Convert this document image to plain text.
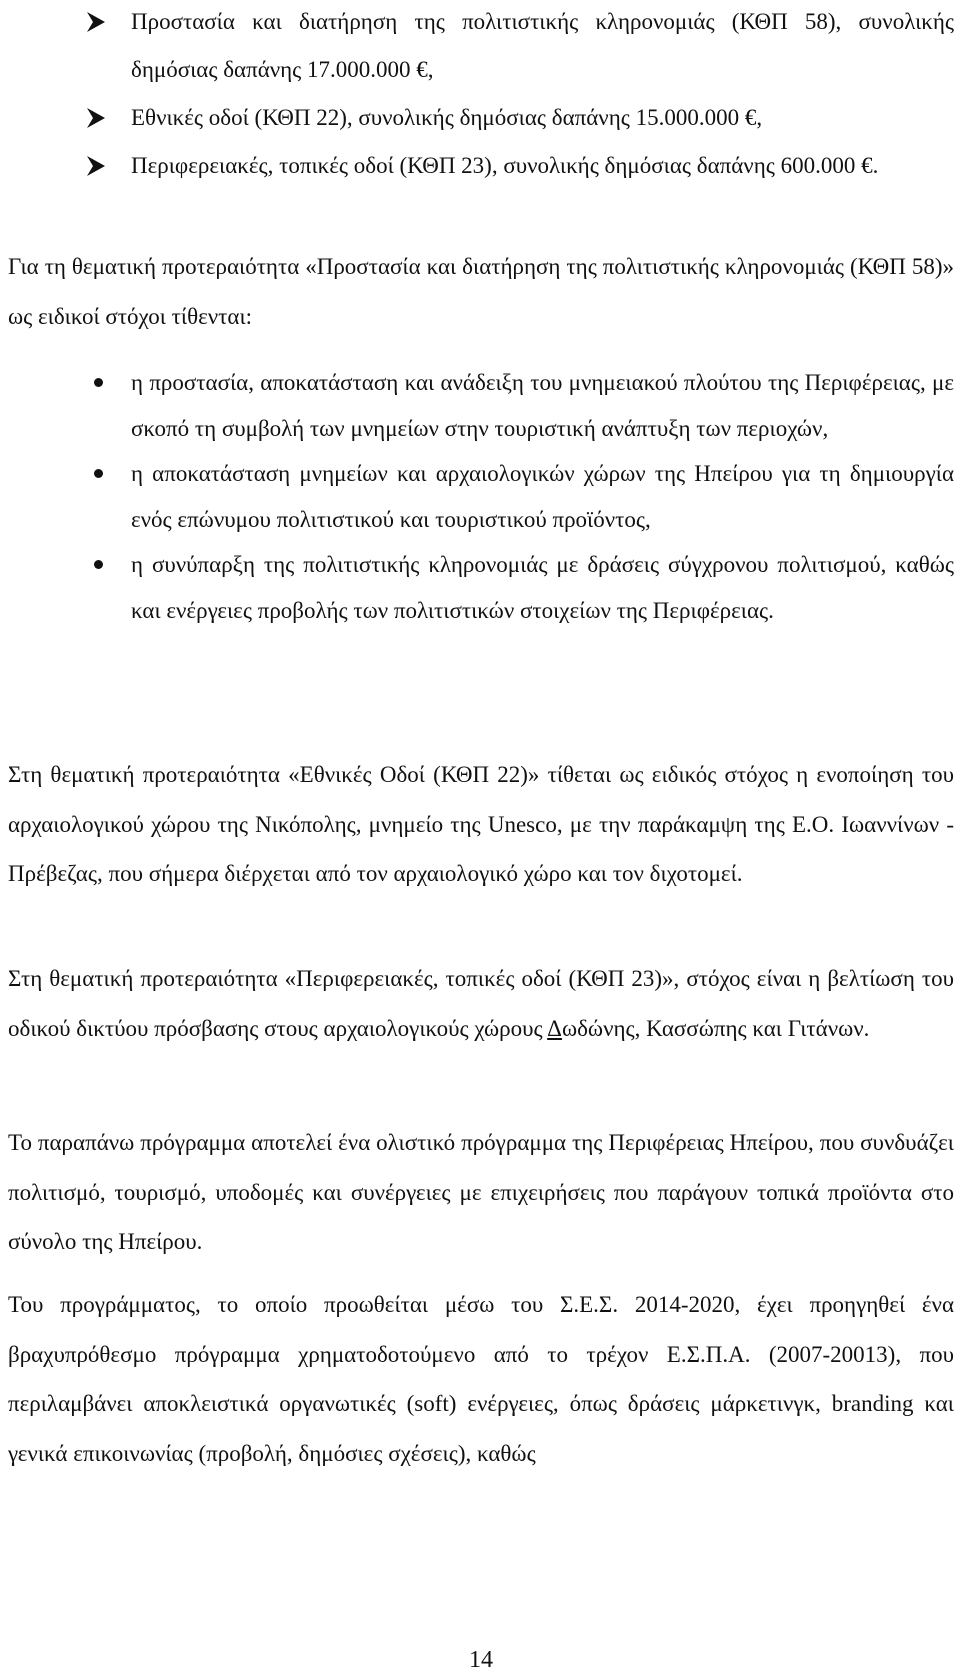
Προστασία και διατήρηση της πολιτιστικής κληρονομιάς (ΚΘΠ 58), συνολικής δημόσιας δαπάνης 17.000.000 €,
Εθνικές οδοί (ΚΘΠ 22), συνολικής δημόσιας δαπάνης 15.000.000 €,
Περιφερειακές, τοπικές οδοί (ΚΘΠ 23), συνολικής δημόσιας δαπάνης 600.000 €.

Για τη θεματική προτεραιότητα «Προστασία και διατήρηση της πολιτιστικής κληρονομιάς (ΚΘΠ 58)» ως ειδικοί στόχοι τίθενται:

η προστασία, αποκατάσταση και ανάδειξη του μνημειακού πλούτου της Περιφέρειας, με σκοπό τη συμβολή των μνημείων στην τουριστική ανάπτυξη των περιοχών,
η αποκατάσταση μνημείων και αρχαιολογικών χώρων της Ηπείρου για τη δημιουργία ενός επώνυμου πολιτιστικού και τουριστικού προϊόντος,
η συνύπαρξη της πολιτιστικής κληρονομιάς με δράσεις σύγχρονου πολιτισμού, καθώς και ενέργειες προβολής των πολιτιστικών στοιχείων της Περιφέρειας.

Στη θεματική προτεραιότητα «Εθνικές Οδοί (ΚΘΠ 22)» τίθεται ως ειδικός στόχος η ενοποίηση του αρχαιολογικού χώρου της Νικόπολης, μνημείο της Unesco, με την παράκαμψη της Ε.Ο. Ιωαννίνων - Πρέβεζας, που σήμερα διέρχεται από τον αρχαιολογικό χώρο και τον διχοτομεί.

Στη θεματική προτεραιότητα «Περιφερειακές, τοπικές οδοί (ΚΘΠ 23)», στόχος είναι η βελτίωση του οδικού δικτύου πρόσβασης στους αρχαιολογικούς χώρους Δωδώνης, Κασσώπης και Γιτάνων.

Το παραπάνω πρόγραμμα αποτελεί ένα ολιστικό πρόγραμμα της Περιφέρειας Ηπείρου, που συνδυάζει πολιτισμό, τουρισμό, υποδομές και συνέργειες με επιχειρήσεις που παράγουν τοπικά προϊόντα στο σύνολο της Ηπείρου.

Του προγράμματος, το οποίο προωθείται μέσω του Σ.Ε.Σ. 2014-2020, έχει προηγηθεί ένα βραχυπρόθεσμο πρόγραμμα χρηματοδοτούμενο από το τρέχον Ε.Σ.Π.Α. (2007-20013), που περιλαμβάνει αποκλειστικά οργανωτικές (soft) ενέργειες, όπως δράσεις μάρκετινγκ, branding και γενικά επικοινωνίας (προβολή, δημόσιες σχέσεις), καθώς

14
